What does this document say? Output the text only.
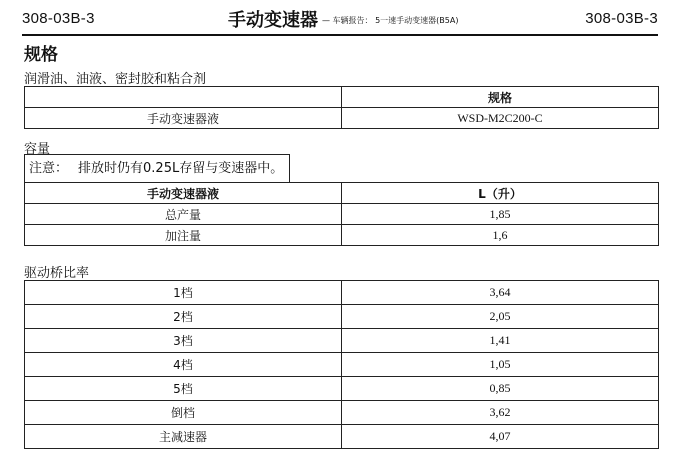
308-03B-3	手动变速器 — 车辆报告： 5一速手动变速器(B5A)	308-03B-3
规格
润滑油、油液、密封胶和粘合剂
	规格
手动变速器液	WSD-M2C200-C
容量
注意： 排放时仍有0.25L存留与变速器中。
手动变速器液	L（升）
总产量	1,85
加注量	1,6
驱动桥比率
1档	3,64
2档	2,05
3档	1,41
4档	1,05
5档	0,85
倒档	3,62
主减速器	4,07
